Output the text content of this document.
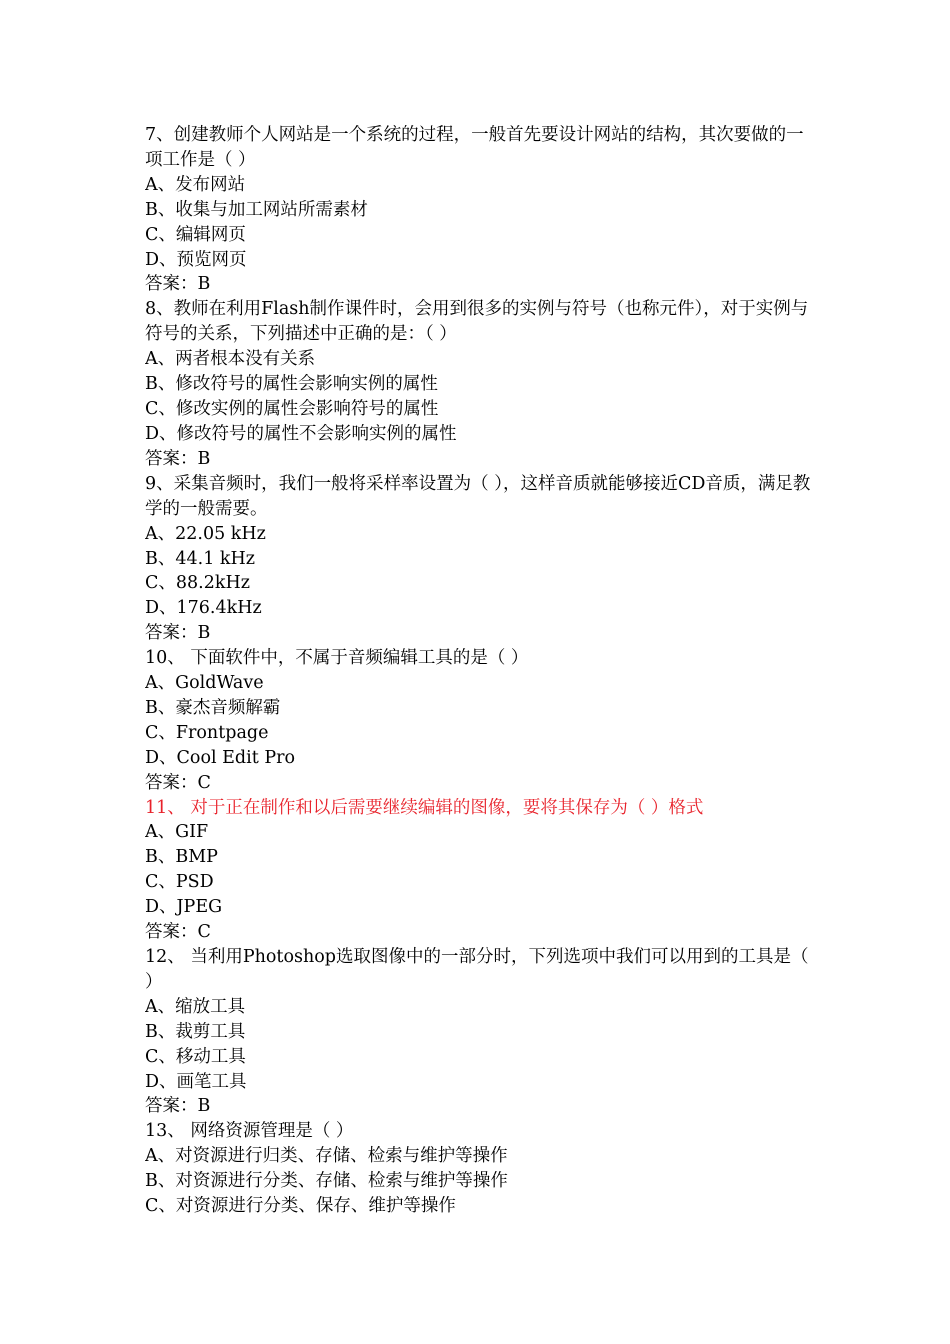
7、创建教师个人网站是一个系统的过程，一般首先要设计网站的结构，其次要做的一项工作是（ ）
A、发布网站
B、收集与加工网站所需素材
C、编辑网页
D、预览网页
答案：B
8、教师在利用Flash制作课件时，会用到很多的实例与符号（也称元件），对于实例与符号的关系，下列描述中正确的是：（ ）
A、两者根本没有关系
B、修改符号的属性会影响实例的属性
C、修改实例的属性会影响符号的属性
D、修改符号的属性不会影响实例的属性
答案：B
9、采集音频时，我们一般将采样率设置为（ ），这样音质就能够接近CD音质，满足教学的一般需要。
A、22.05 kHz
B、44.1 kHz
C、88.2kHz
D、176.4kHz
答案：B
10、 下面软件中，不属于音频编辑工具的是（ ）
A、GoldWave
B、豪杰音频解霸
C、Frontpage
D、Cool Edit Pro
答案：C
11、 对于正在制作和以后需要继续编辑的图像，要将其保存为（ ）格式
A、GIF
B、BMP
C、PSD
D、JPEG
答案：C
12、 当利用Photoshop选取图像中的一部分时，下列选项中我们可以用到的工具是（ ）
A、缩放工具
B、裁剪工具
C、移动工具
D、画笔工具
答案：B
13、 网络资源管理是（ ）
A、对资源进行归类、存储、检索与维护等操作
B、对资源进行分类、存储、检索与维护等操作
C、对资源进行分类、保存、维护等操作
